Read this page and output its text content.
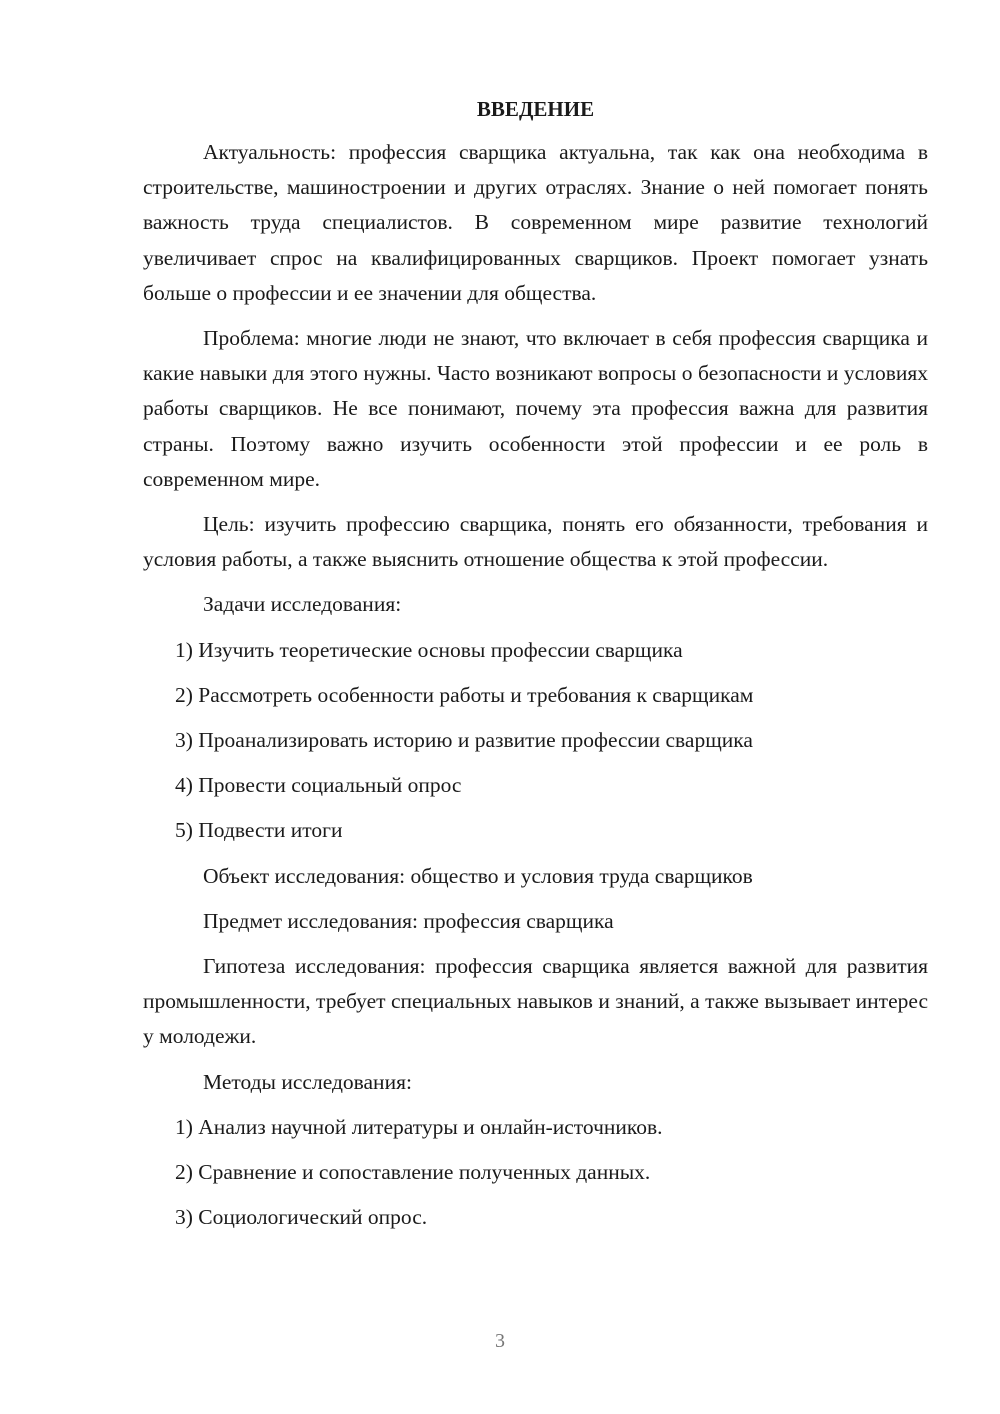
ВВЕДЕНИЕ

Актуальность: профессия сварщика актуальна, так как она необходима в строительстве, машиностроении и других отраслях. Знание о ней помогает понять важность труда специалистов. В современном мире развитие технологий увеличивает спрос на квалифицированных сварщиков. Проект помогает узнать больше о профессии и ее значении для общества.

Проблема: многие люди не знают, что включает в себя профессия сварщика и какие навыки для этого нужны. Часто возникают вопросы о безопасности и условиях работы сварщиков. Не все понимают, почему эта профессия важна для развития страны. Поэтому важно изучить особенности этой профессии и ее роль в современном мире.

Цель: изучить профессию сварщика, понять его обязанности, требования и условия работы, а также выяснить отношение общества к этой профессии.

Задачи исследования:
1) Изучить теоретические основы профессии сварщика
2) Рассмотреть особенности работы и требования к сварщикам
3) Проанализировать историю и развитие профессии сварщика
4) Провести социальный опрос
5) Подвести итоги
Объект исследования: общество и условия труда сварщиков
Предмет исследования: профессия сварщика

Гипотеза исследования: профессия сварщика является важной для развития промышленности, требует специальных навыков и знаний, а также вызывает интерес у молодежи.

Методы исследования:
1) Анализ научной литературы и онлайн-источников.
2) Сравнение и сопоставление полученных данных.
3) Социологический опрос.
3
